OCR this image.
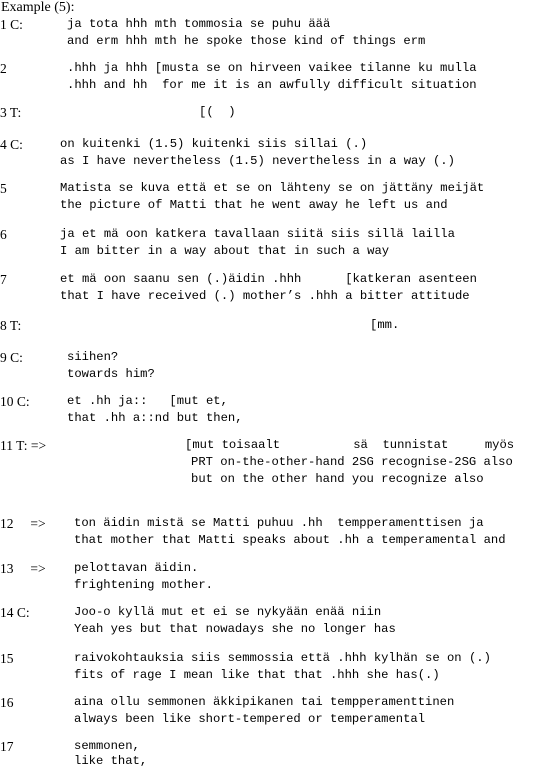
Example (5):
1 C:	ja tota hhh mth tommosia se puhu äää
and erm hhh mth he spoke those kind of things erm
2	.hhh ja hhh [musta se on hirveen vaikee tilanne ku mulla
.hhh and hh  for me it is an awfully difficult situation
3 T:	[(  )
4 C:	on kuitenki (1.5) kuitenki siis sillai (.)
as I have nevertheless (1.5) nevertheless in a way (.)
5	Matista se kuva että et se on lähteny se on jättäny meijät
the picture of Matti that he went away he left us and
6	ja et mä oon katkera tavallaan siitä siis sillä lailla
I am bitter in a way about that in such a way
7	et mä oon saanu sen (.)äidin .hhh      [katkeran asenteen
that I have received (.) mother’s .hhh a bitter attitude
8 T:	[mm.
9 C:	siihen?
towards him?
10 C:	et .hh ja::   [mut et,
that .hh a::nd but then,
11 T: =>	[mut toisaalt          sä  tunnistat     myös
PRT on-the-other-hand 2SG recognise-2SG also
but on the other hand you recognize also
12     => ton äidin mistä se Matti puhuu .hh  tempperamenttisen ja
that mother that Matti speaks about .hh a temperamental and
13     => pelottavan äidin.
frightening mother.
14 C:	Joo-o kyllä mut et ei se nykyään enää niin
Yeah yes but that nowadays she no longer has
15	raivokohtauksia siis semmossia että .hhh kylhän se on (.)
fits of rage I mean like that that .hhh she has(.)
16	aina ollu semmonen äkkipikanen tai tempperamenttinen
always been like short-tempered or temperamental
17	semmonen,
like that,
